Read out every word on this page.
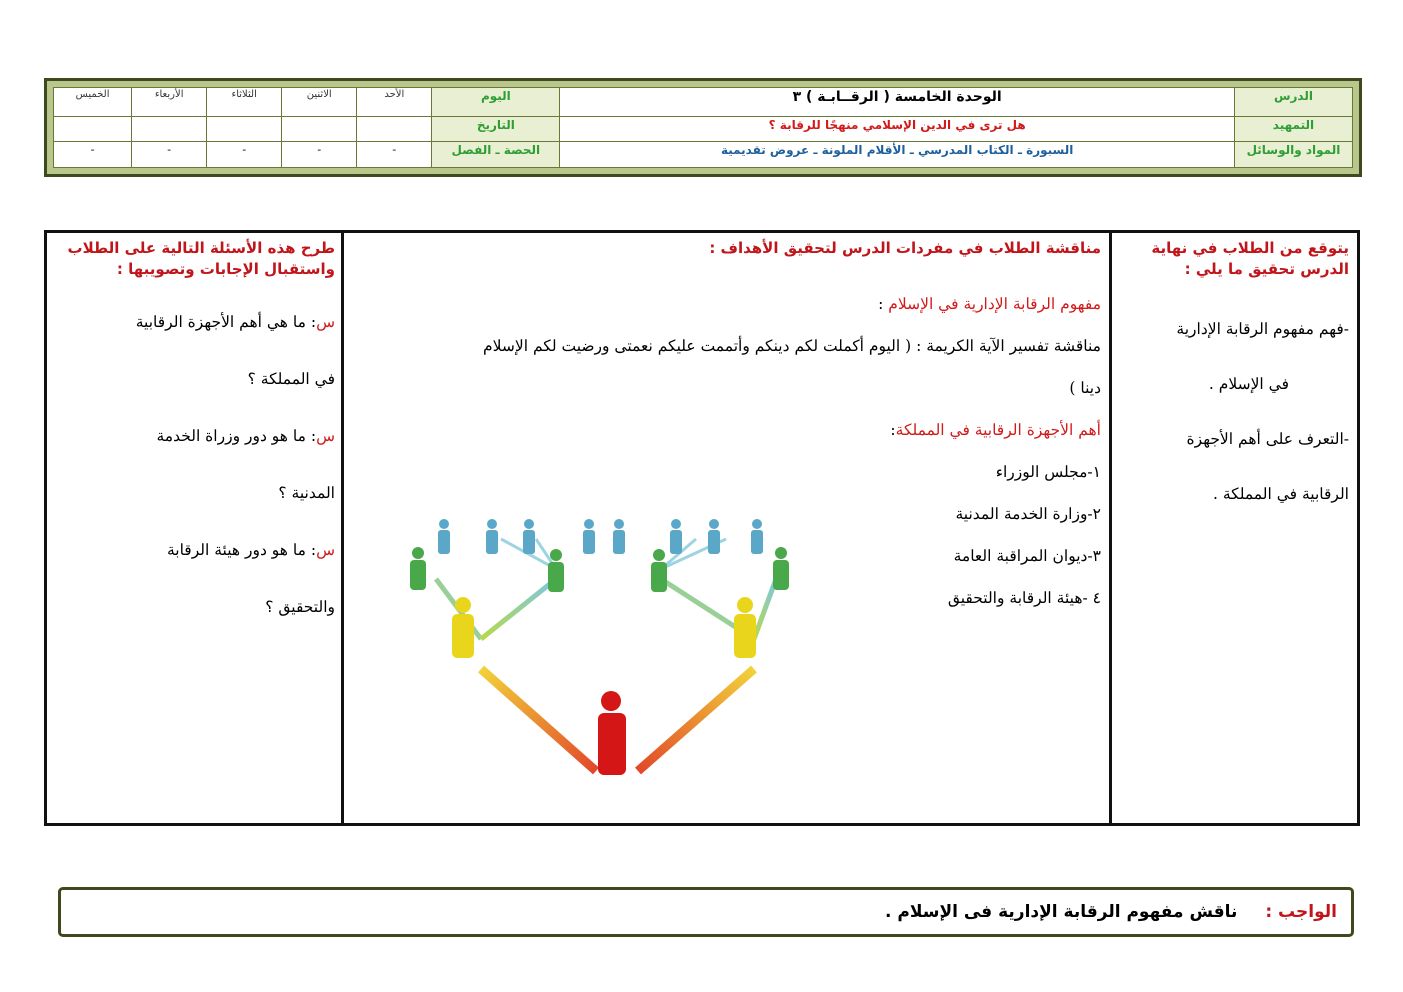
الدرس	الوحدة الخامسة ( الرقــابـة ) ٣	اليوم	الأحد	الاثنين	الثلاثاء	الأربعاء	الخميس
التمهيد	هل ترى في الدين الإسلامي منهجًا للرقابة ؟	التاريخ					
المواد والوسائل	السبورة ـ الكتاب المدرسي ـ الأقلام الملونة ـ عروض تقديمية	الحصة ـ الفصل	-	-	-	-	-
يتوقع من الطلاب في نهاية الدرس تحقيق ما يلي :
-فهم مفهوم الرقابة الإدارية
في الإسلام .
-التعرف على أهم الأجهزة
الرقابية في المملكة .
مناقشة الطلاب في مفردات الدرس لتحقيق الأهداف :
مفهوم الرقابة الإدارية في الإسلام :
مناقشة تفسير الآية الكريمة : ( اليوم أكملت لكم دينكم وأتممت عليكم نعمتى ورضيت لكم الإسلام
دينا )
أهم الأجهزة الرقابية في المملكة:
١-مجلس الوزراء
٢-وزارة الخدمة المدنية
٣-ديوان المراقبة العامة
٤ -هيئة الرقابة والتحقيق
طرح هذه الأسئلة التالية على الطلاب واستقبال الإجابات وتصويبها :
س: ما هي أهم الأجهزة الرقابية
في المملكة ؟
س: ما هو دور وزراة الخدمة
المدنية ؟
س: ما هو دور هيئة الرقابة
والتحقيق ؟
الواجب : ناقش مفهوم الرقابة الإدارية فى الإسلام .
